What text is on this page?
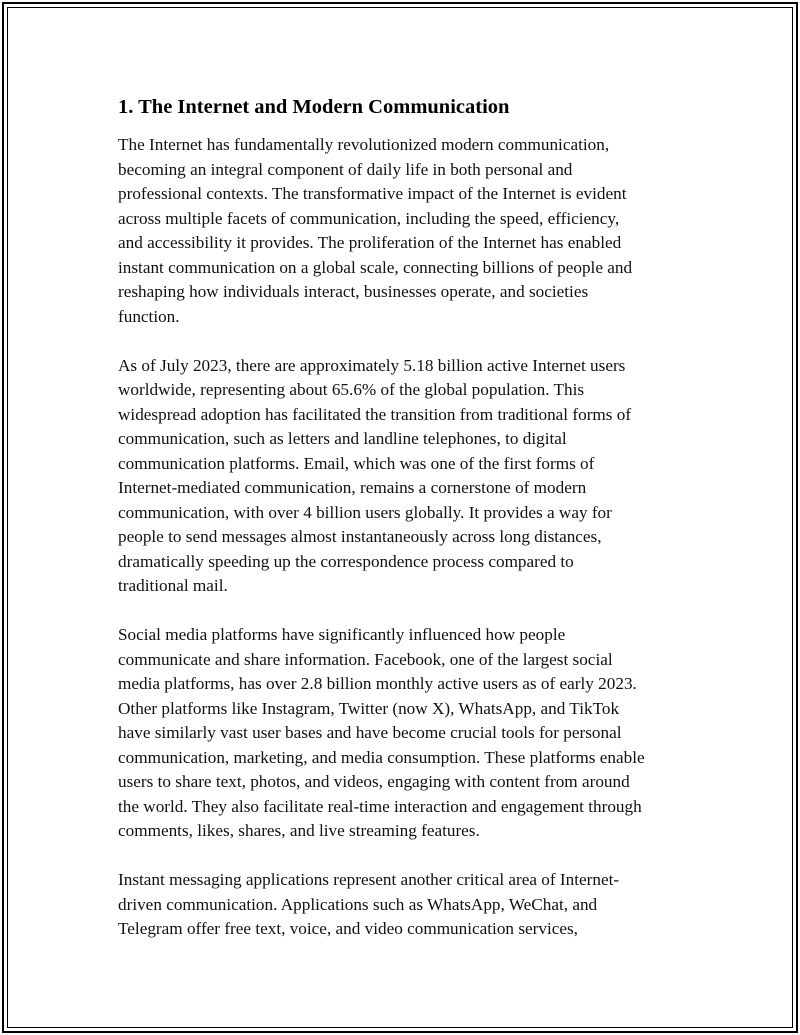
1. The Internet and Modern Communication

The Internet has fundamentally revolutionized modern communication,
becoming an integral component of daily life in both personal and
professional contexts. The transformative impact of the Internet is evident
across multiple facets of communication, including the speed, efficiency,
and accessibility it provides. The proliferation of the Internet has enabled
instant communication on a global scale, connecting billions of people and
reshaping how individuals interact, businesses operate, and societies
function.

As of July 2023, there are approximately 5.18 billion active Internet users
worldwide, representing about 65.6% of the global population. This
widespread adoption has facilitated the transition from traditional forms of
communication, such as letters and landline telephones, to digital
communication platforms. Email, which was one of the first forms of
Internet-mediated communication, remains a cornerstone of modern
communication, with over 4 billion users globally. It provides a way for
people to send messages almost instantaneously across long distances,
dramatically speeding up the correspondence process compared to
traditional mail.

Social media platforms have significantly influenced how people
communicate and share information. Facebook, one of the largest social
media platforms, has over 2.8 billion monthly active users as of early 2023.
Other platforms like Instagram, Twitter (now X), WhatsApp, and TikTok
have similarly vast user bases and have become crucial tools for personal
communication, marketing, and media consumption. These platforms enable
users to share text, photos, and videos, engaging with content from around
the world. They also facilitate real-time interaction and engagement through
comments, likes, shares, and live streaming features.

Instant messaging applications represent another critical area of Internet-
driven communication. Applications such as WhatsApp, WeChat, and
Telegram offer free text, voice, and video communication services,
